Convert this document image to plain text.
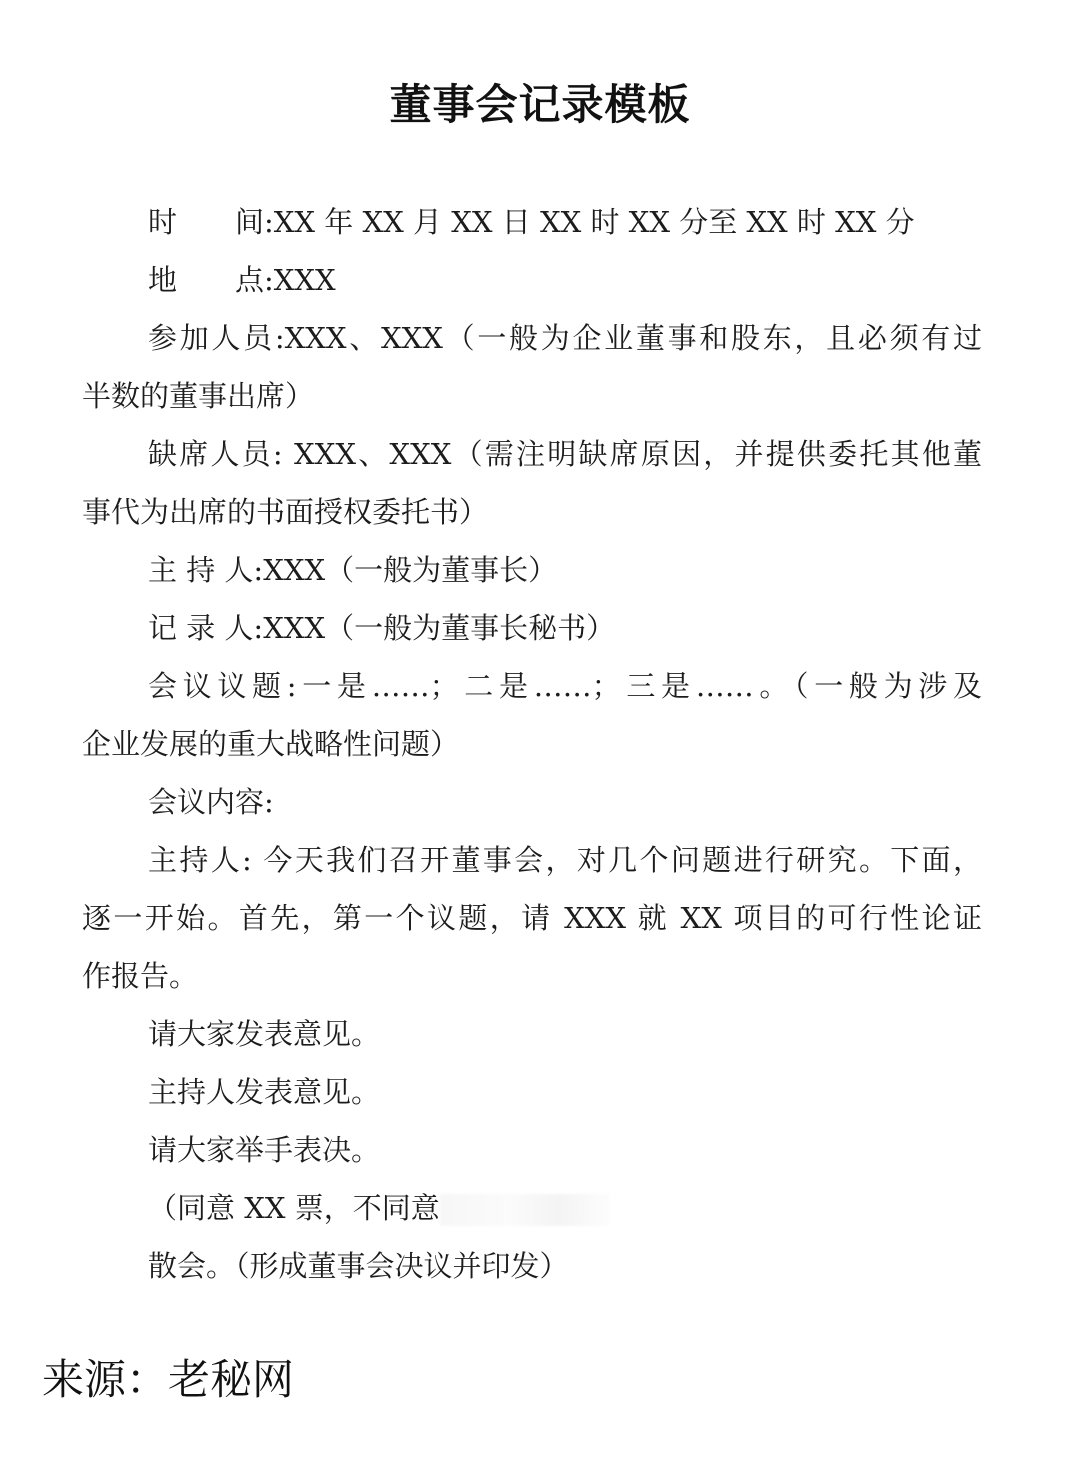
董事会记录模板
时　　间:XX 年 XX 月 XX 日 XX 时 XX 分至 XX 时 XX 分
地　　点:XXX
参加人员:XXX、XXX（一般为企业董事和股东，且必须有过
半数的董事出席）
缺席人员: XXX、XXX（需注明缺席原因，并提供委托其他董
事代为出席的书面授权委托书）
主 持 人:XXX（一般为董事长）
记 录 人:XXX（一般为董事长秘书）
会议议题:一是……；二是……；三是……。（一般为涉及
企业发展的重大战略性问题）
会议内容:
主持人: 今天我们召开董事会，对几个问题进行研究。下面，
逐一开始。首先，第一个议题，请 XXX 就 XX 项目的可行性论证
作报告。
请大家发表意见。
主持人发表意见。
请大家举手表决。
（同意 XX 票，不同意
散会。（形成董事会决议并印发）
来源：老秘网
